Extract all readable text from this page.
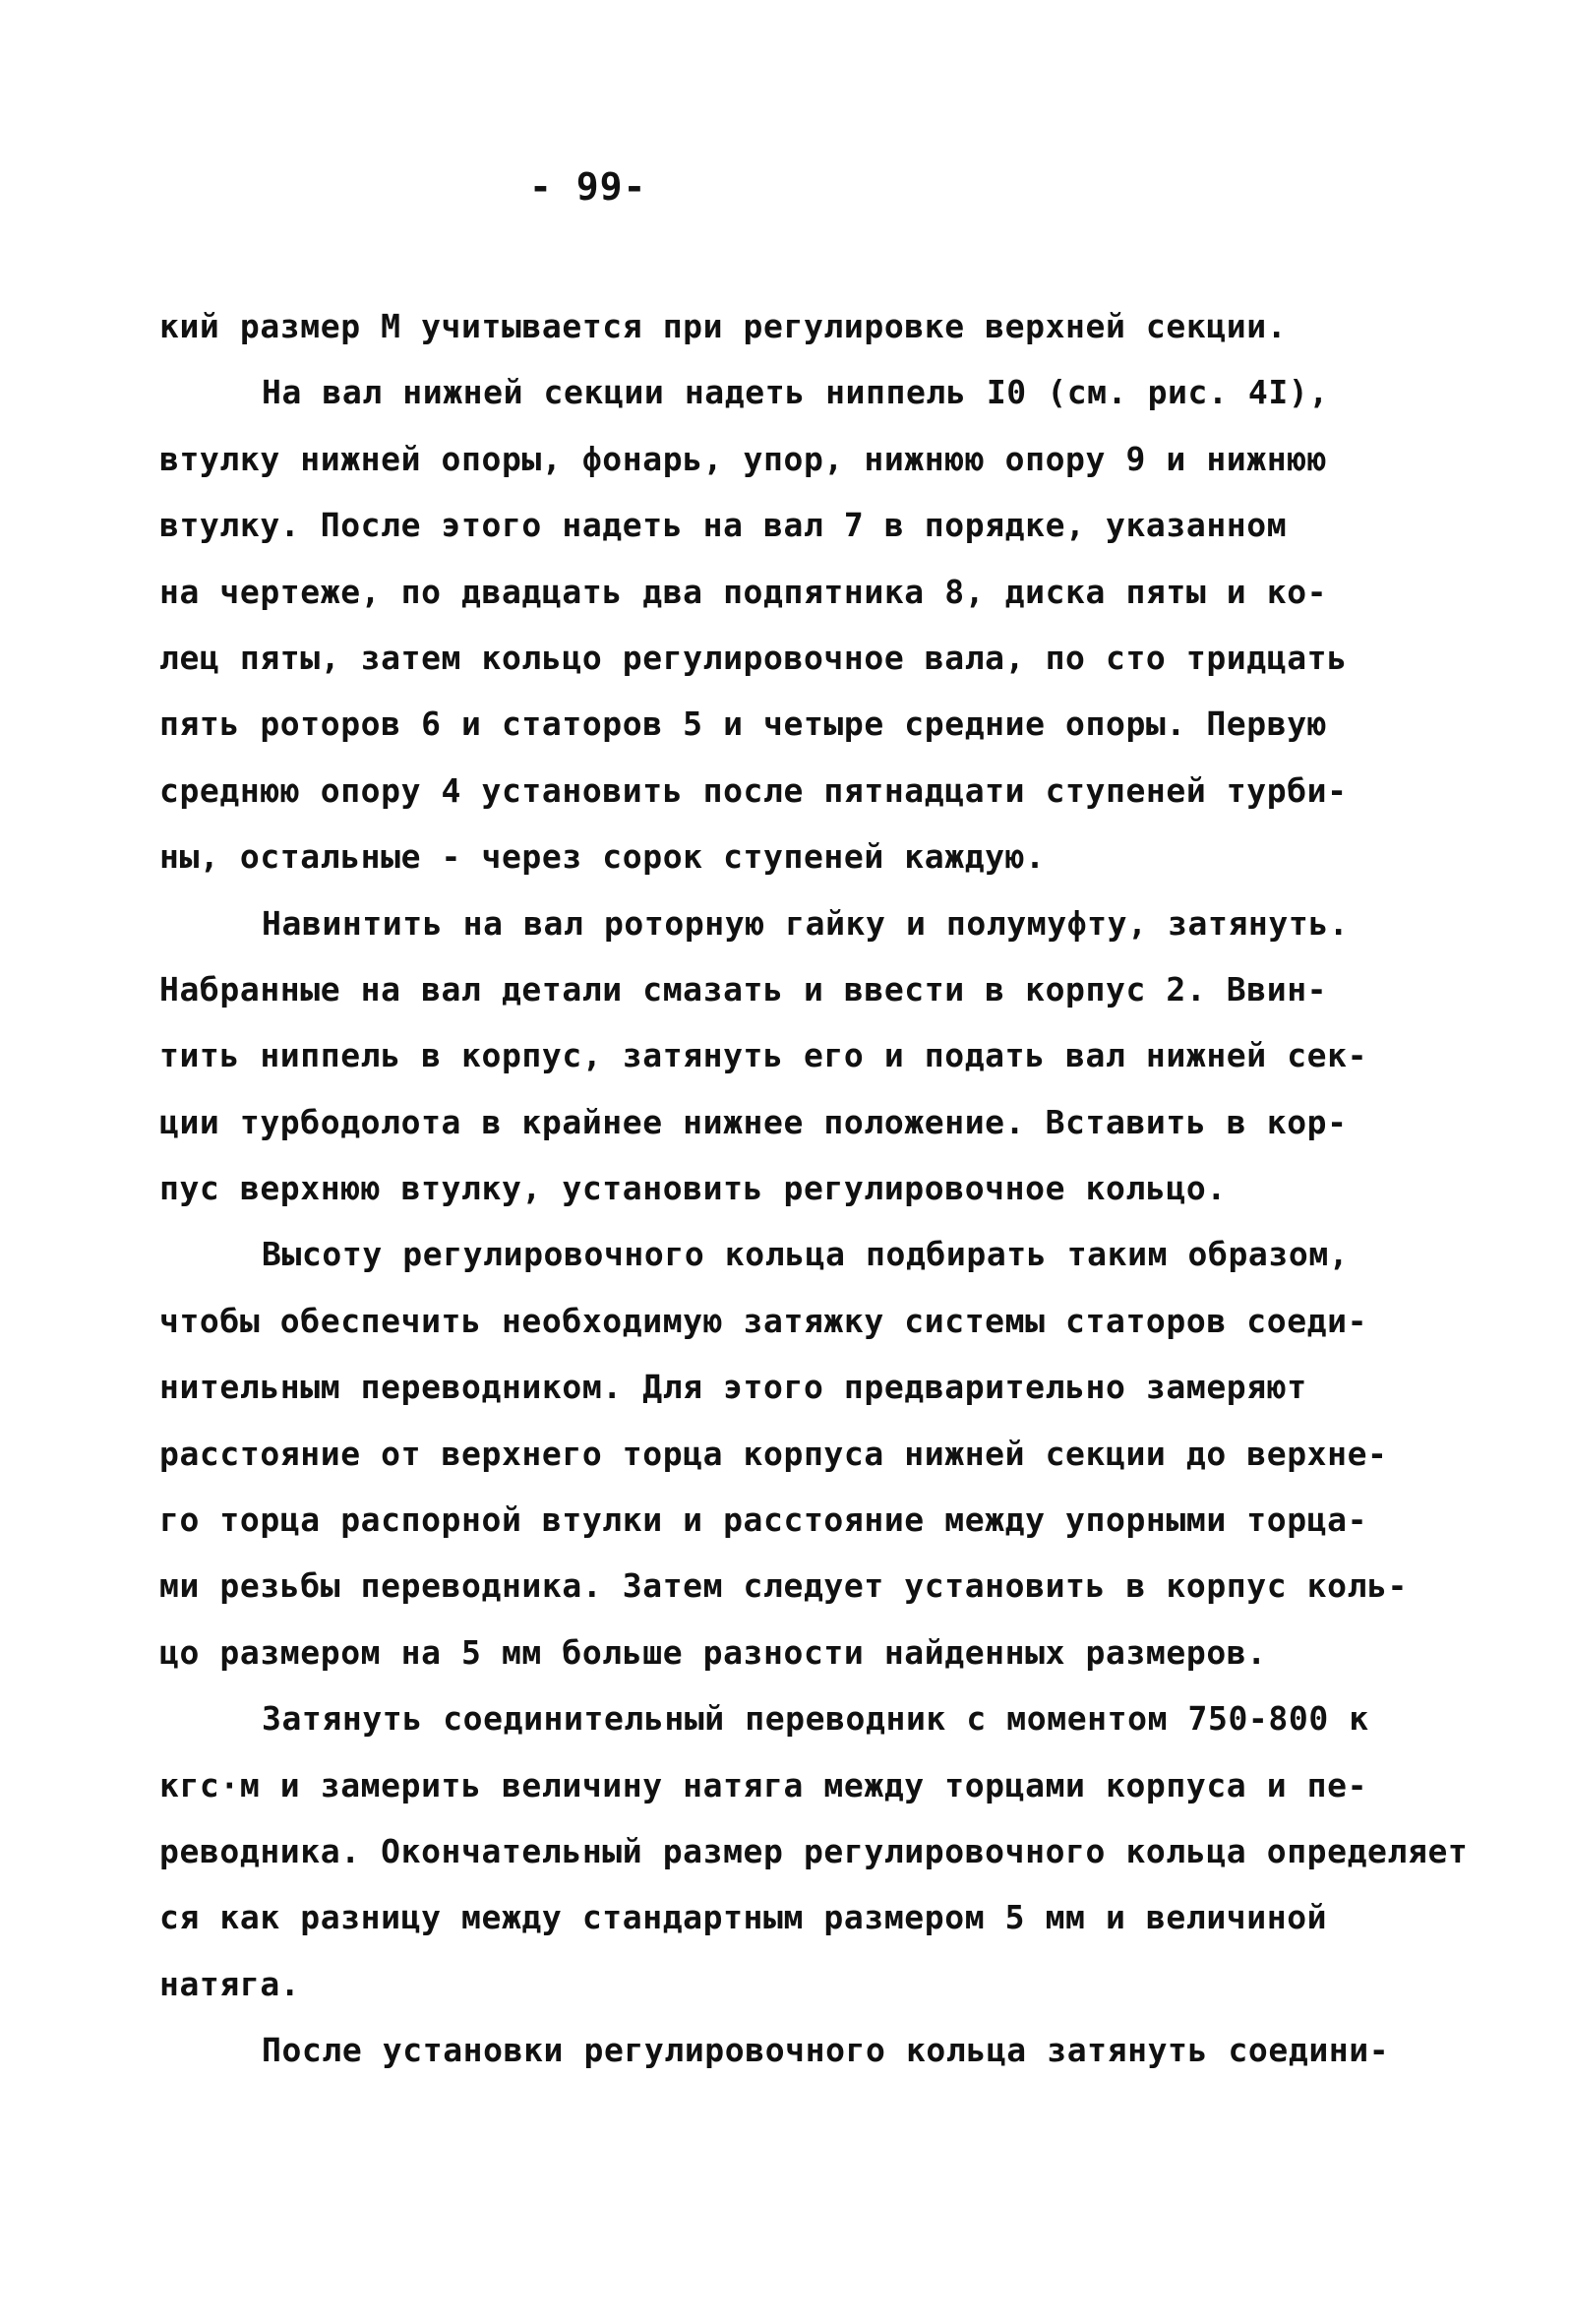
- 99-
кий размер М учитывается при регулировке верхней секции.
На вал нижней секции надеть ниппель I0 (см. рис. 4I),
втулку нижней опоры, фонарь, упор, нижнюю опору 9 и нижнюю
втулку. После этого надеть на вал 7 в порядке, указанном
на чертеже, по двадцать два подпятника 8, диска пяты и ко-
лец пяты, затем кольцо регулировочное вала, по сто тридцать
пять роторов 6 и статоров 5 и четыре средние опоры. Первую
среднюю опору 4 установить после пятнадцати ступеней турби-
ны, остальные - через сорок ступеней каждую.
Навинтить на вал роторную гайку и полумуфту, затянуть.
Набранные на вал детали смазать и ввести в корпус 2. Ввин-
тить ниппель в корпус, затянуть его и подать вал нижней сек-
ции турбодолота в крайнее нижнее положение. Вставить в кор-
пус верхнюю втулку, установить регулировочное кольцо.
Высоту регулировочного кольца подбирать таким образом,
чтобы обеспечить необходимую затяжку системы статоров соеди-
нительным переводником. Для этого предварительно замеряют
расстояние от верхнего торца корпуса нижней секции до верхне-
го торца распорной втулки и расстояние между упорными торца-
ми резьбы переводника. Затем следует установить в корпус коль-
цо размером на 5 мм больше разности найденных размеров.
Затянуть соединительный переводник с моментом 750-800 к
кгс·м и замерить величину натяга между торцами корпуса и пе-
реводника. Окончательный размер регулировочного кольца определяет
ся как разницу между стандартным размером 5 мм и величиной
натяга.
После установки регулировочного кольца затянуть соедини-
